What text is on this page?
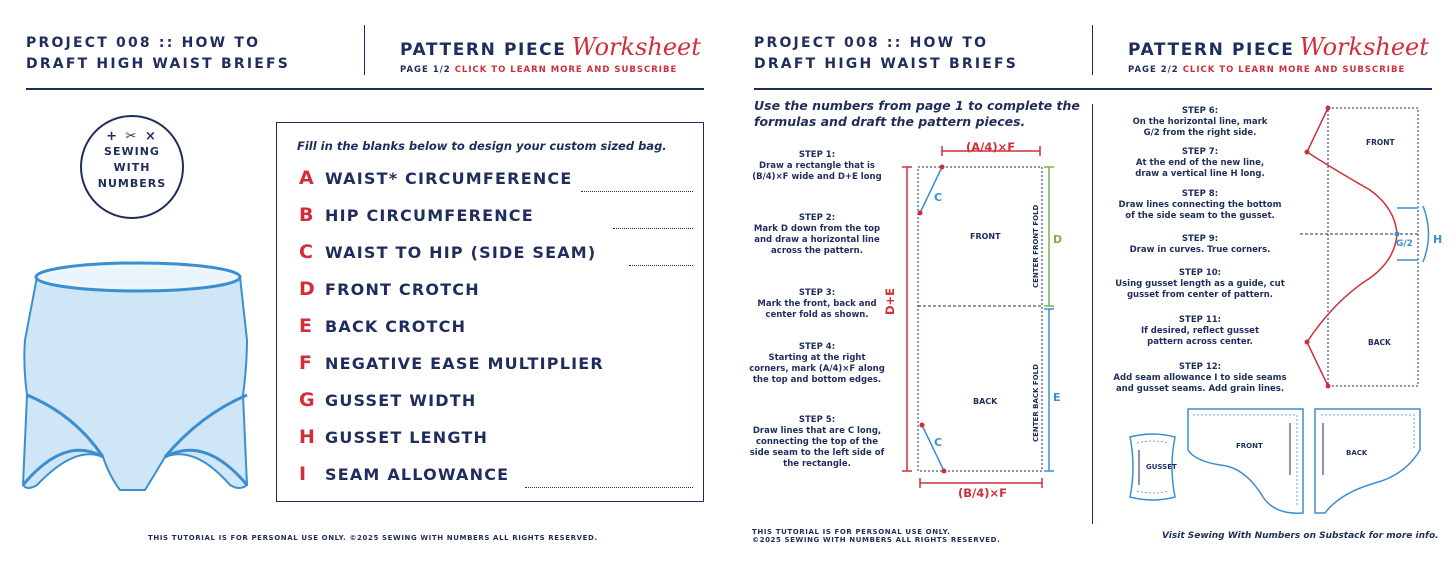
PROJECT 008 :: HOW TO
DRAFT HIGH WAIST BRIEFS
PATTERN PIECE Worksheet
PAGE 1/2 CLICK TO LEARN MORE AND SUBSCRIBE
+ ✂ ×
SEWING
WITH
NUMBERS
Fill in the blanks below to design your custom sized bag.
A WAIST* CIRCUMFERENCE
B HIP CIRCUMFERENCE
C WAIST TO HIP (SIDE SEAM)
D FRONT CROTCH
E BACK CROTCH
F NEGATIVE EASE MULTIPLIER
G GUSSET WIDTH
H GUSSET LENGTH
I SEAM ALLOWANCE
THIS TUTORIAL IS FOR PERSONAL USE ONLY. ©2025 SEWING WITH NUMBERS ALL RIGHTS RESERVED.
PROJECT 008 :: HOW TO
DRAFT HIGH WAIST BRIEFS
PATTERN PIECE Worksheet
PAGE 2/2 CLICK TO LEARN MORE AND SUBSCRIBE
Use the numbers from page 1 to complete the
formulas and draft the pattern pieces.
STEP 1:
Draw a rectangle that is
(B/4)×F wide and D+E long
STEP 2:
Mark D down from the top
and draw a horizontal line
across the pattern.
STEP 3:
Mark the front, back and
center fold as shown.
STEP 4:
Starting at the right
corners, mark (A/4)×F along
the top and bottom edges.
STEP 5:
Draw lines that are C long,
connecting the top of the
side seam to the left side of
the rectangle.
(A/4)×F
(B/4)×F
D+E
C
C
FRONT
BACK
CENTER FRONT FOLD
CENTER BACK FOLD
D
E
STEP 6:
On the horizontal line, mark
G/2 from the right side.
STEP 7:
At the end of the new line,
draw a vertical line H long.
STEP 8:
Draw lines connecting the bottom
of the side seam to the gusset.
STEP 9:
Draw in curves. True corners.
STEP 10:
Using gusset length as a guide, cut
gusset from center of pattern.
STEP 11:
If desired, reflect gusset
pattern across center.
STEP 12:
Add seam allowance I to side seams
and gusset seams. Add grain lines.
FRONT
BACK
G/2 H
GUSSET
FRONT
BACK
THIS TUTORIAL IS FOR PERSONAL USE ONLY.
©2025 SEWING WITH NUMBERS ALL RIGHTS RESERVED.	Visit Sewing With Numbers on Substack for more info.
